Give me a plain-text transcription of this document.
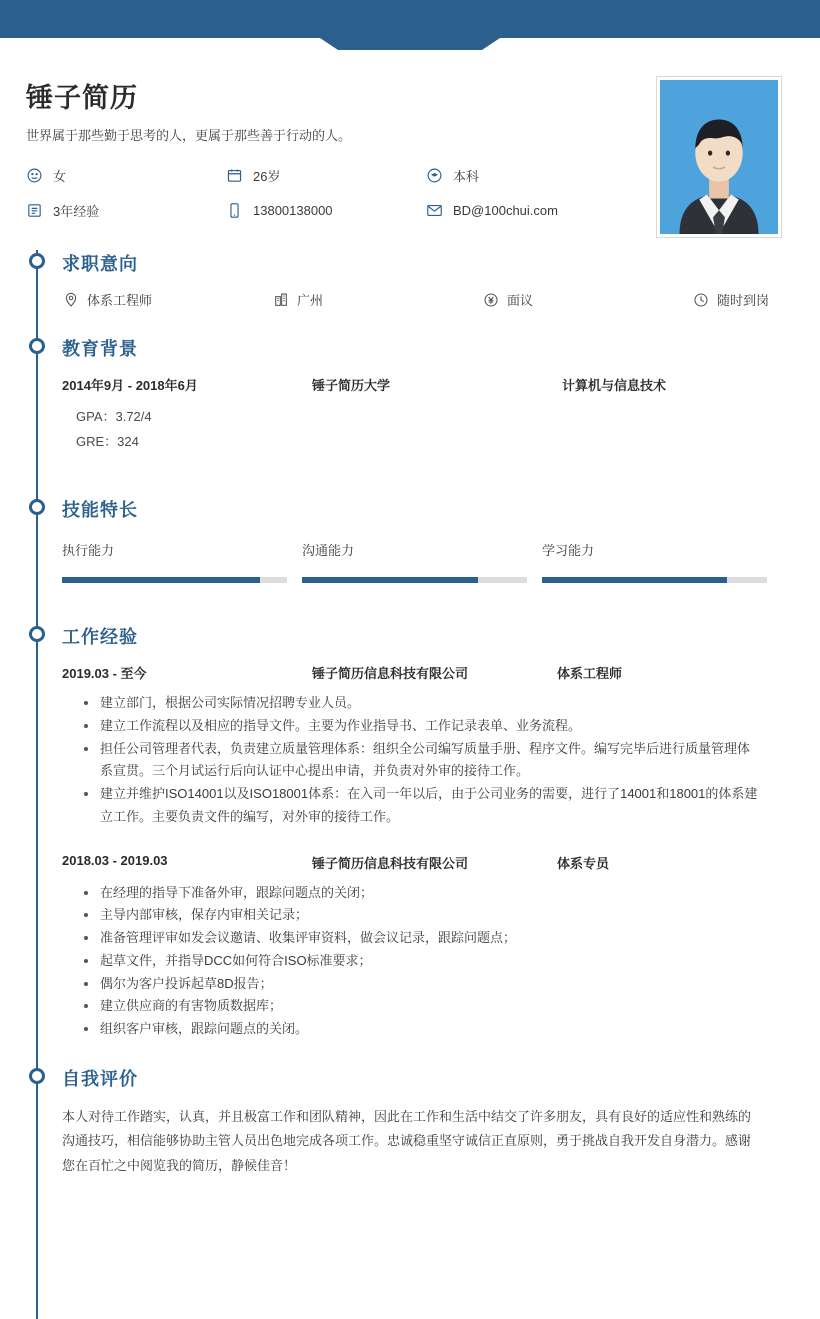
锤子简历
世界属于那些勤于思考的人，更属于那些善于行动的人。
女	26岁	本科
3年经验	13800138000	BD@100chui.com
求职意向
体系工程师	广州	面议	随时到岗
教育背景
2014年9月 - 2018年6月	锤子简历大学	计算机与信息技术
GPA：3.72/4
GRE：324
技能特长
执行能力	沟通能力	学习能力
工作经验
2019.03 - 至今	锤子简历信息科技有限公司	体系工程师
建立部门，根据公司实际情况招聘专业人员。
建立工作流程以及相应的指导文件。主要为作业指导书、工作记录表单、业务流程。
担任公司管理者代表，负责建立质量管理体系：组织全公司编写质量手册、程序文件。编写完毕后进行质量管理体系宣贯。三个月试运行后向认证中心提出申请，并负责对外审的接待工作。
建立并维护ISO14001以及ISO18001体系：在入司一年以后，由于公司业务的需要，进行了14001和18001的体系建立工作。主要负责文件的编写，对外审的接待工作。
2018.03 - 2019.03	锤子简历信息科技有限公司	体系专员
在经理的指导下准备外审，跟踪问题点的关闭；
主导内部审核，保存内审相关记录；
准备管理评审如发会议邀请、收集评审资料，做会议记录，跟踪问题点；
起草文件，并指导DCC如何符合ISO标准要求；
偶尔为客户投诉起草8D报告；
建立供应商的有害物质数据库；
组织客户审核，跟踪问题点的关闭。
自我评价

本人对待工作踏实，认真，并且极富工作和团队精神，因此在工作和生活中结交了许多朋友，具有良好的适应性和熟练的沟通技巧，相信能够协助主管人员出色地完成各项工作。忠诚稳重坚守诚信正直原则，勇于挑战自我开发自身潜力。感谢您在百忙之中阅览我的简历，静候佳音！
